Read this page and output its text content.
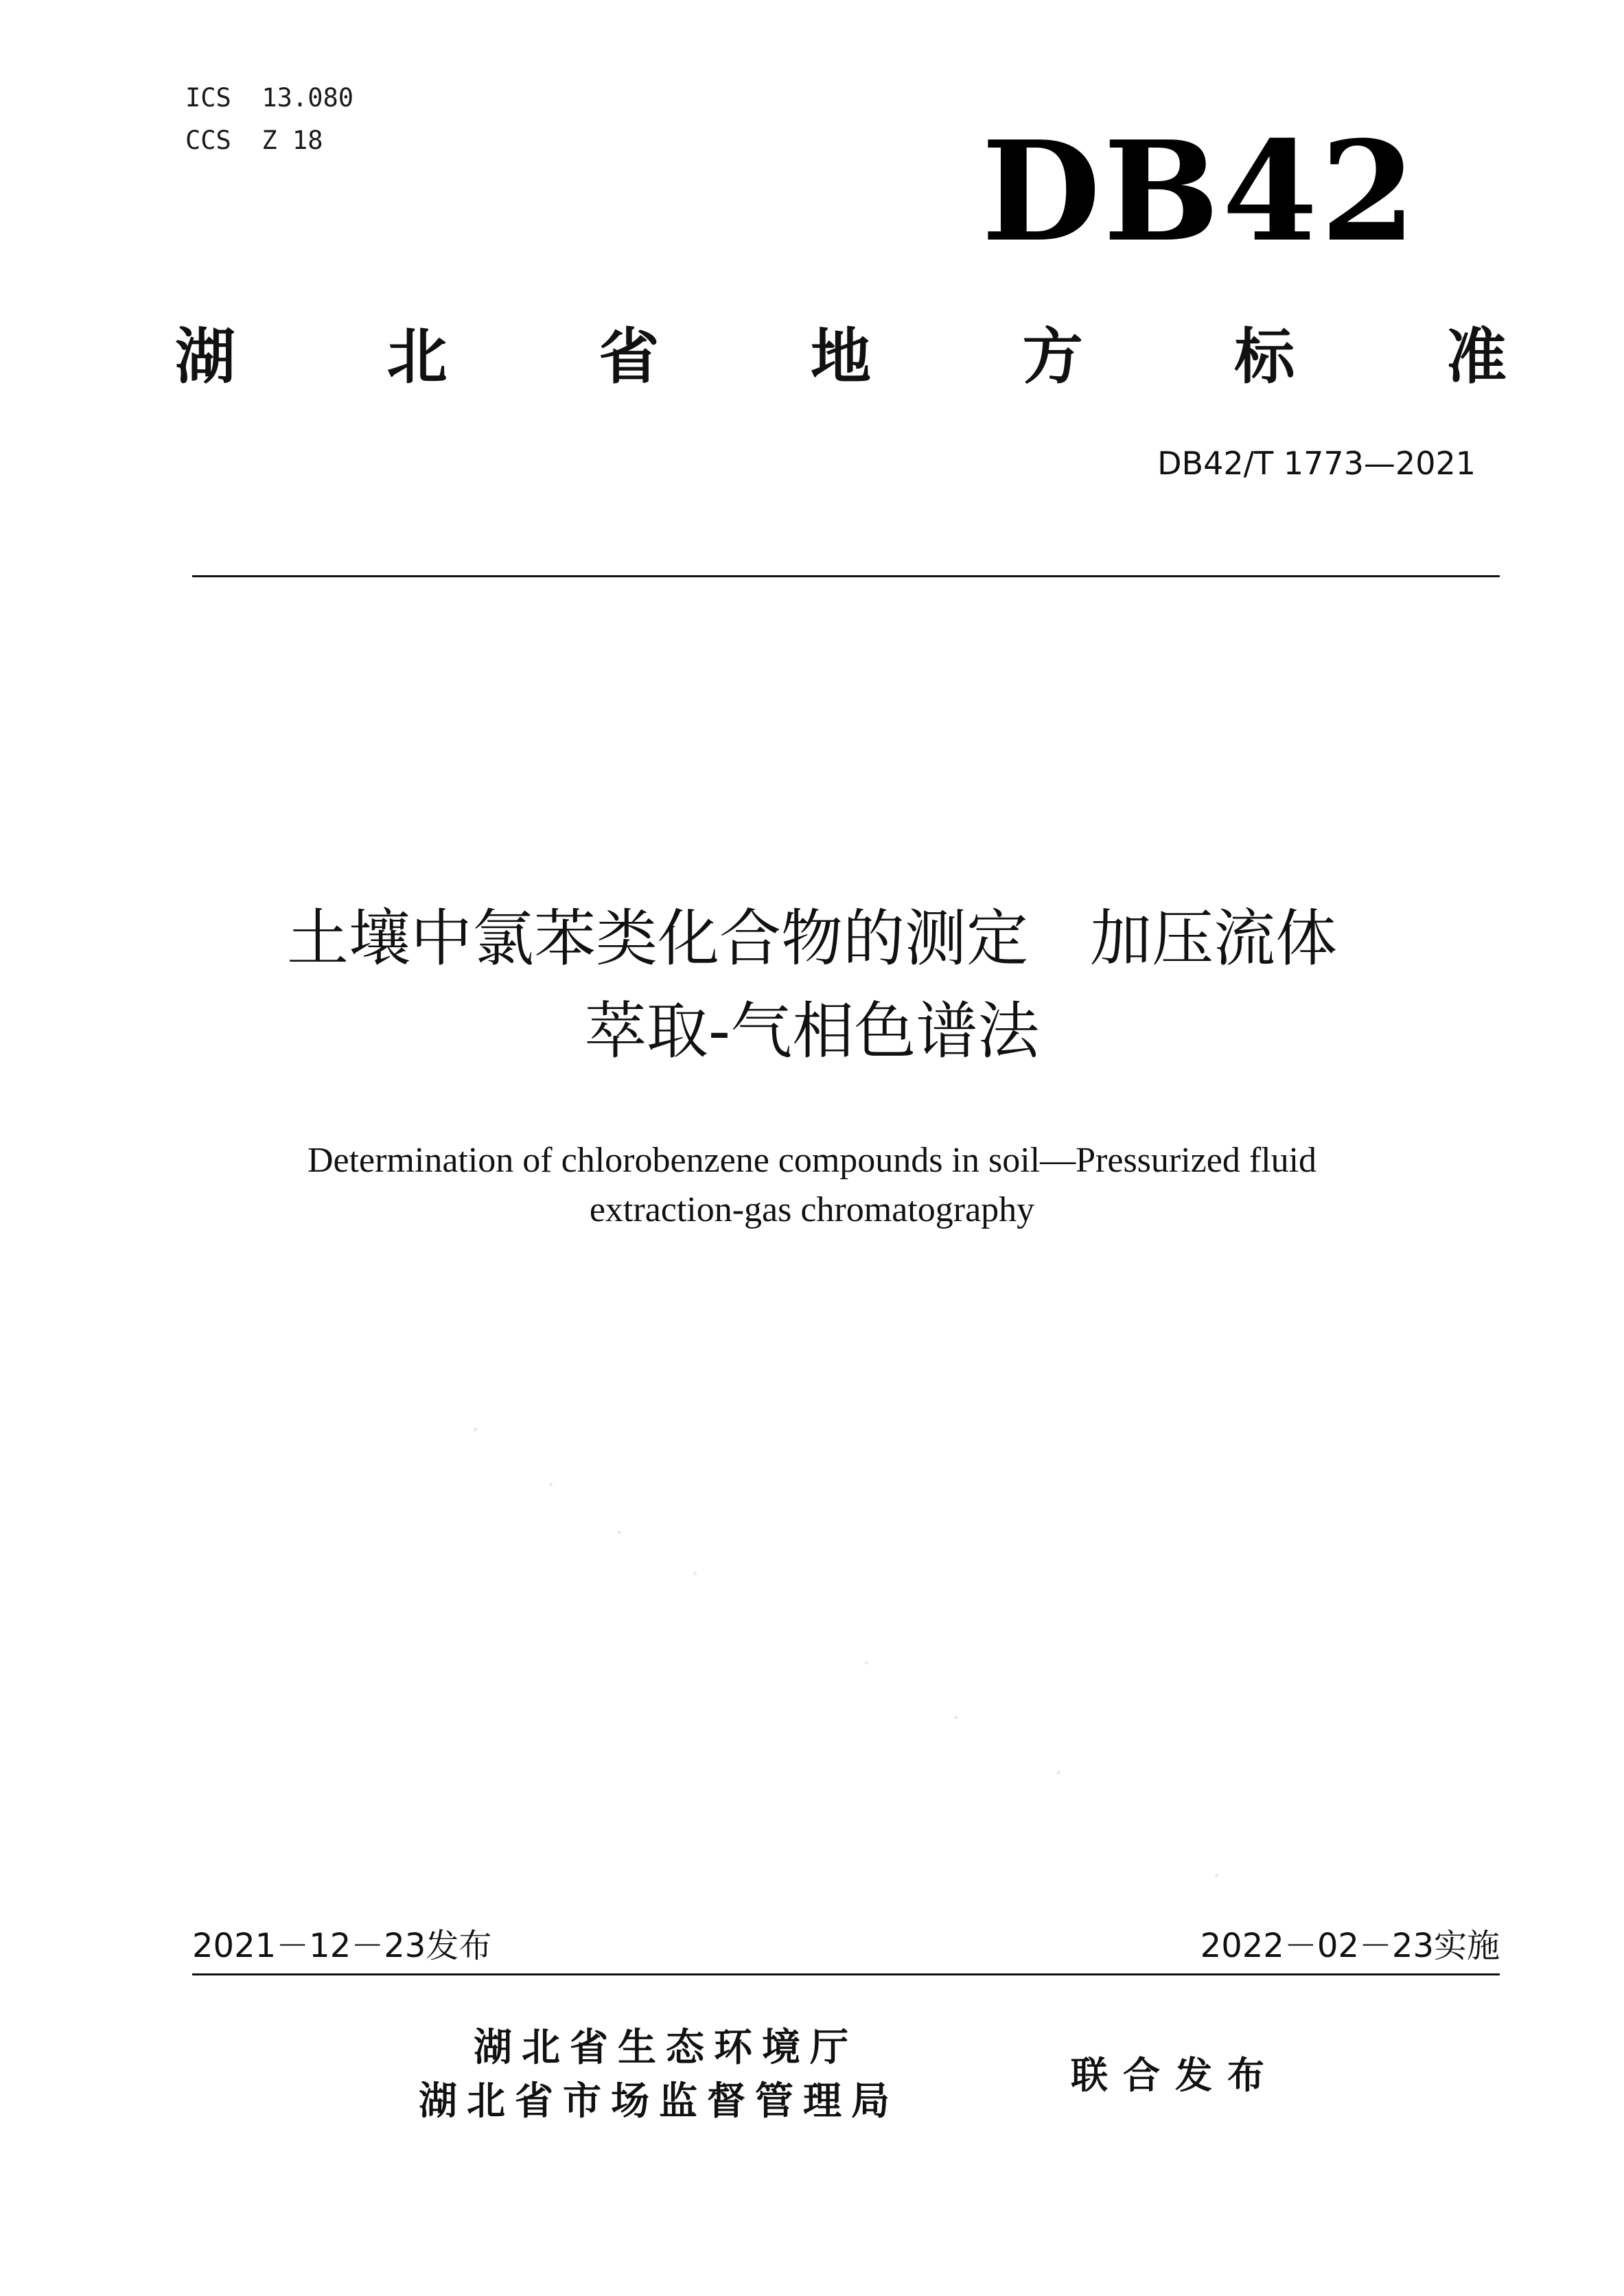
ICS  13.080
CCS  Z 18	DB42
湖	北	省	地	方	标	准
DB42/T 1773—2021
土壤中氯苯类化合物的测定　加压流体
萃取-气相色谱法
Determination of chlorobenzene compounds in soil—Pressurized fluid
extraction-gas chromatography
2021－12－23发布	2022－02－23实施
湖北省生态环境厅
湖北省市场监督管理局
联合发布
